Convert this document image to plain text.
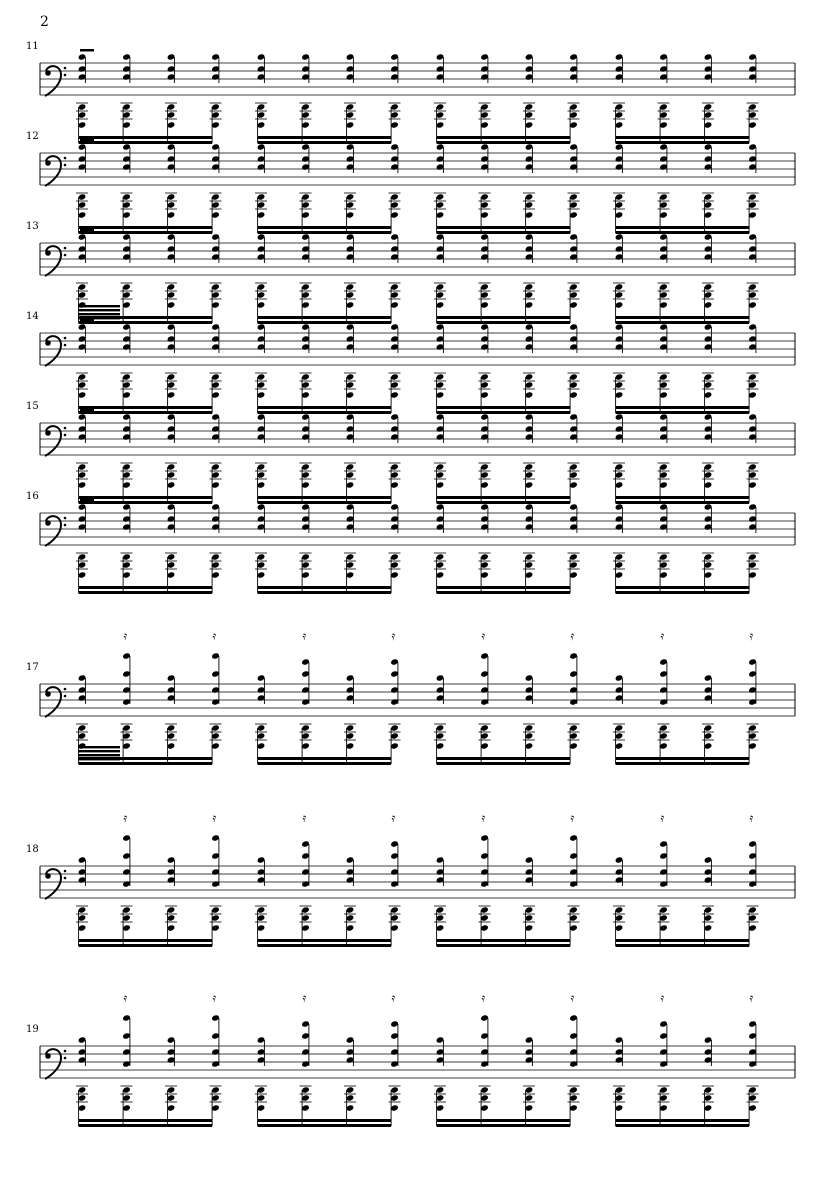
2
11
12
13
14
15
16
17
18
19
𝄿	𝄿	𝄿	𝄿	𝄿	𝄿	𝄿	𝄿
𝄿	𝄿	𝄿	𝄿	𝄿	𝄿	𝄿	𝄿
𝄿	𝄿	𝄿	𝄿	𝄿	𝄿	𝄿	𝄿
